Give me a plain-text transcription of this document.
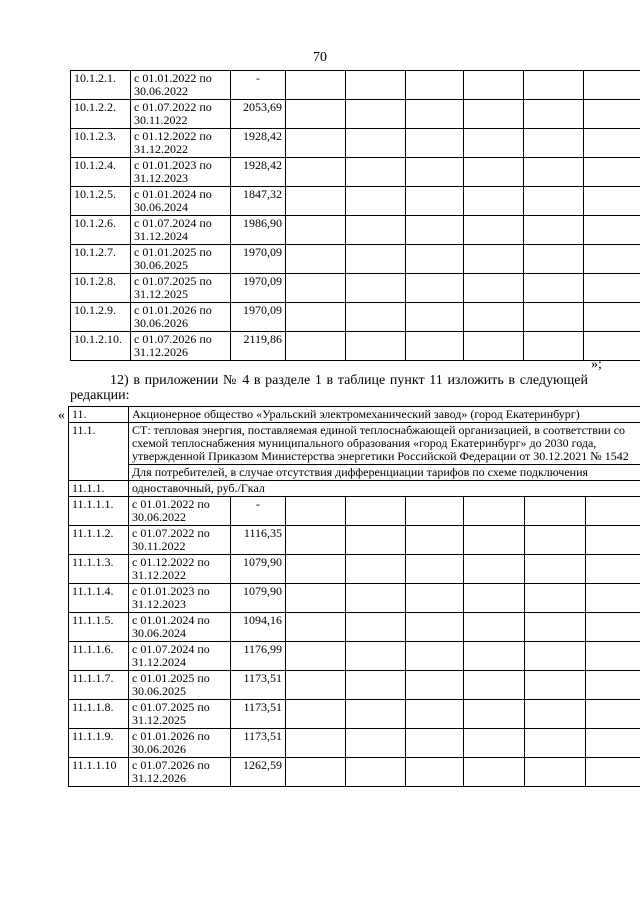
70
10.1.2.1.	с 01.01.2022 по 30.06.2022	-						
10.1.2.2.	с 01.07.2022 по 30.11.2022	2053,69						
10.1.2.3.	с 01.12.2022 по 31.12.2022	1928,42						
10.1.2.4.	с 01.01.2023 по 31.12.2023	1928,42						
10.1.2.5.	с 01.01.2024 по 30.06.2024	1847,32						
10.1.2.6.	с 01.07.2024 по 31.12.2024	1986,90						
10.1.2.7.	с 01.01.2025 по 30.06.2025	1970,09						
10.1.2.8.	с 01.07.2025 по 31.12.2025	1970,09						
10.1.2.9.	с 01.01.2026 по 30.06.2026	1970,09						
10.1.2.10.	с 01.07.2026 по 31.12.2026	2119,86						
»;
12) в приложении № 4 в разделе 1 в таблице пункт 11 изложить в следующей редакции:
« 11.	Акционерное общество «Уральский электромеханический завод» (город Екатеринбург)							
11.1.	СТ: тепловая энергия, поставляемая единой теплоснабжающей организацией, в соответствии со схемой теплоснабжения муниципального образования «город Екатеринбург» до 2030 года, утвержденной Приказом Министерства энергетики Российской Федерации от 30.12.2021 № 1542							
	Для потребителей, в случае отсутствия дифференциации тарифов по схеме подключения							
11.1.1.	одноставочный, руб./Гкал							
11.1.1.1.	с 01.01.2022 по 30.06.2022	-						
11.1.1.2.	с 01.07.2022 по 30.11.2022	1116,35						
11.1.1.3.	с 01.12.2022 по 31.12.2022	1079,90						
11.1.1.4.	с 01.01.2023 по 31.12.2023	1079,90						
11.1.1.5.	с 01.01.2024 по 30.06.2024	1094,16						
11.1.1.6.	с 01.07.2024 по 31.12.2024	1176,99						
11.1.1.7.	с 01.01.2025 по 30.06.2025	1173,51						
11.1.1.8.	с 01.07.2025 по 31.12.2025	1173,51						
11.1.1.9.	с 01.01.2026 по 30.06.2026	1173,51						
11.1.1.10	с 01.07.2026 по 31.12.2026	1262,59						
